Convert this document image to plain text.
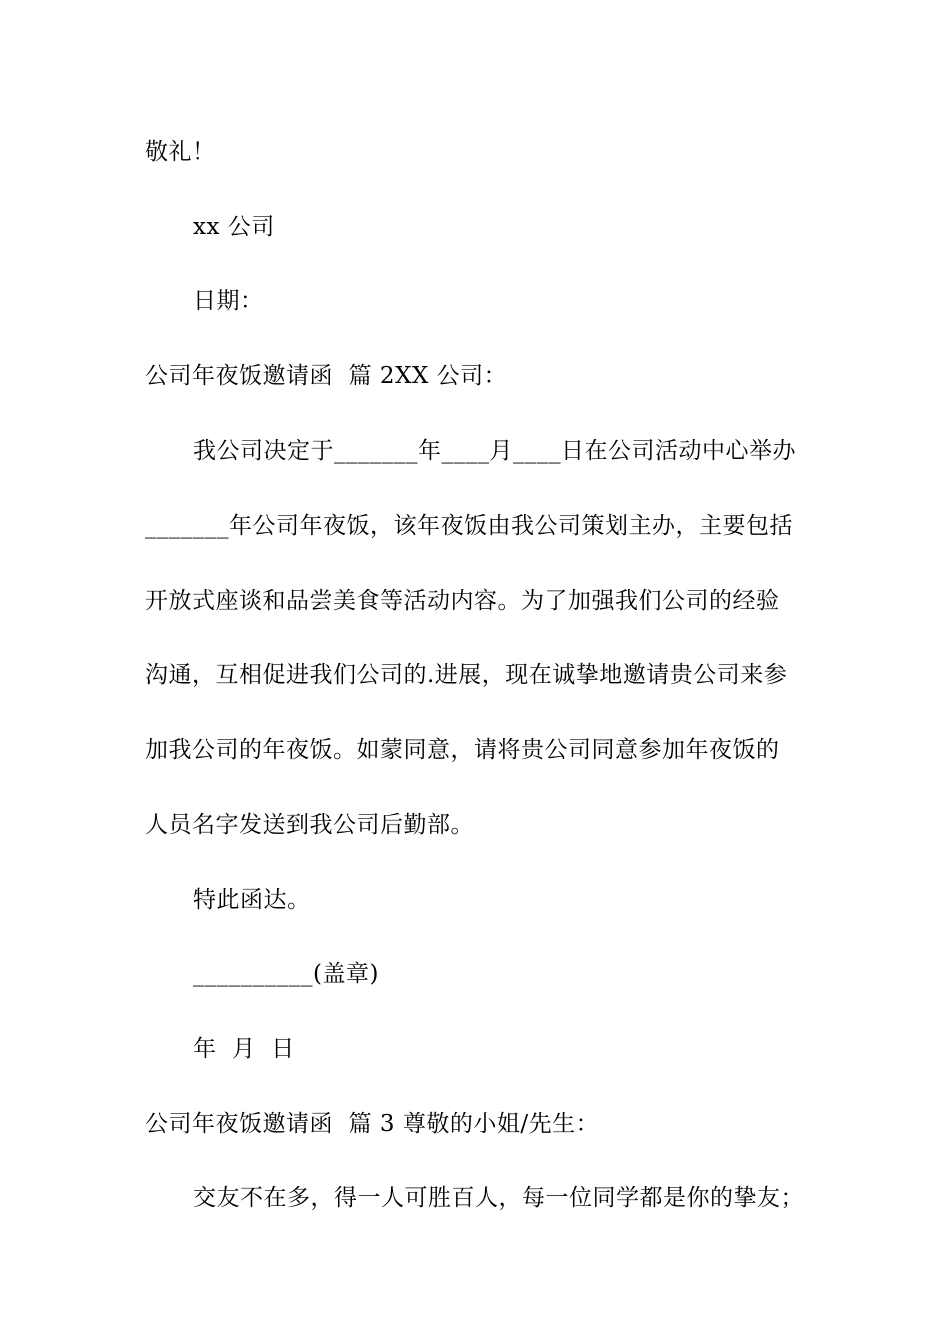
敬礼！
xx 公司
日期：
公司年夜饭邀请函  篇 2XX 公司：
我公司决定于_______年____月____日在公司活动中心举办
_______年公司年夜饭，该年夜饭由我公司策划主办，主要包括
开放式座谈和品尝美食等活动内容。为了加强我们公司的经验
沟通，互相促进我们公司的.进展，现在诚挚地邀请贵公司来参
加我公司的年夜饭。如蒙同意，请将贵公司同意参加年夜饭的
人员名字发送到我公司后勤部。
特此函达。
__________(盖章)
年  月  日
公司年夜饭邀请函  篇 3 尊敬的小姐/先生：
交友不在多，得一人可胜百人，每一位同学都是你的挚友；
